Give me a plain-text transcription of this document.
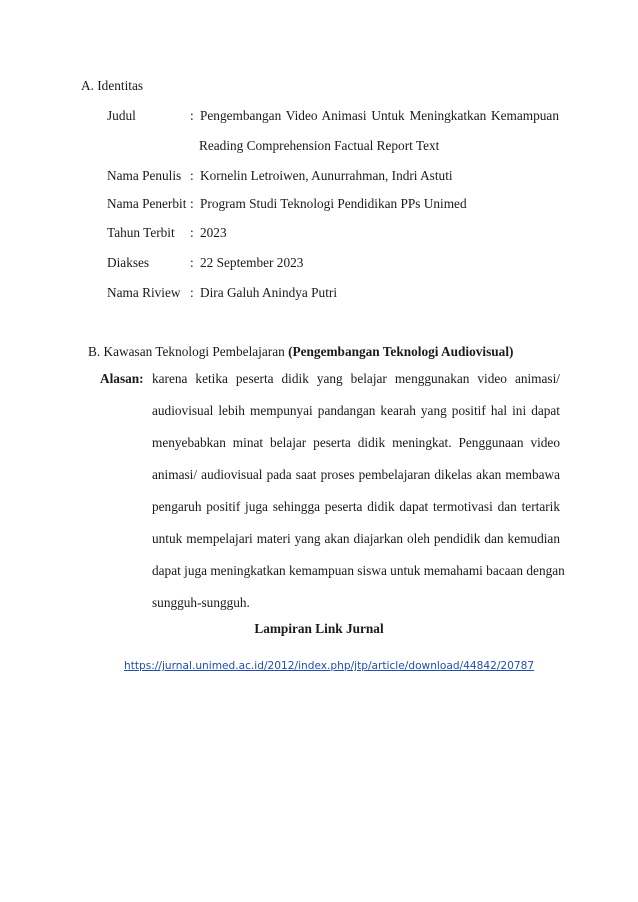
A. Identitas
Judul	: Pengembangan Video Animasi Untuk Meningkatkan Kemampuan
Reading Comprehension Factual Report Text
Nama Penulis : Kornelin Letroiwen, Aunurrahman, Indri Astuti
Nama Penerbit : Program Studi Teknologi Pendidikan PPs Unimed
Tahun Terbit : 2023
Diakses	: 22 September 2023
Nama Riview : Dira Galuh Anindya Putri
B. Kawasan Teknologi Pembelajaran (Pengembangan Teknologi Audiovisual)
Alasan: karena ketika peserta didik yang belajar menggunakan video animasi/
audiovisual lebih mempunyai pandangan kearah yang positif hal ini dapat
menyebabkan minat belajar peserta didik meningkat. Penggunaan video
animasi/ audiovisual pada saat proses pembelajaran dikelas akan membawa
pengaruh positif juga sehingga peserta didik dapat termotivasi dan tertarik
untuk mempelajari materi yang akan diajarkan oleh pendidik dan kemudian
dapat juga meningkatkan kemampuan siswa untuk memahami bacaan dengan
sungguh-sungguh.
Lampiran Link Jurnal
https://jurnal.unimed.ac.id/2012/index.php/jtp/article/download/44842/20787
